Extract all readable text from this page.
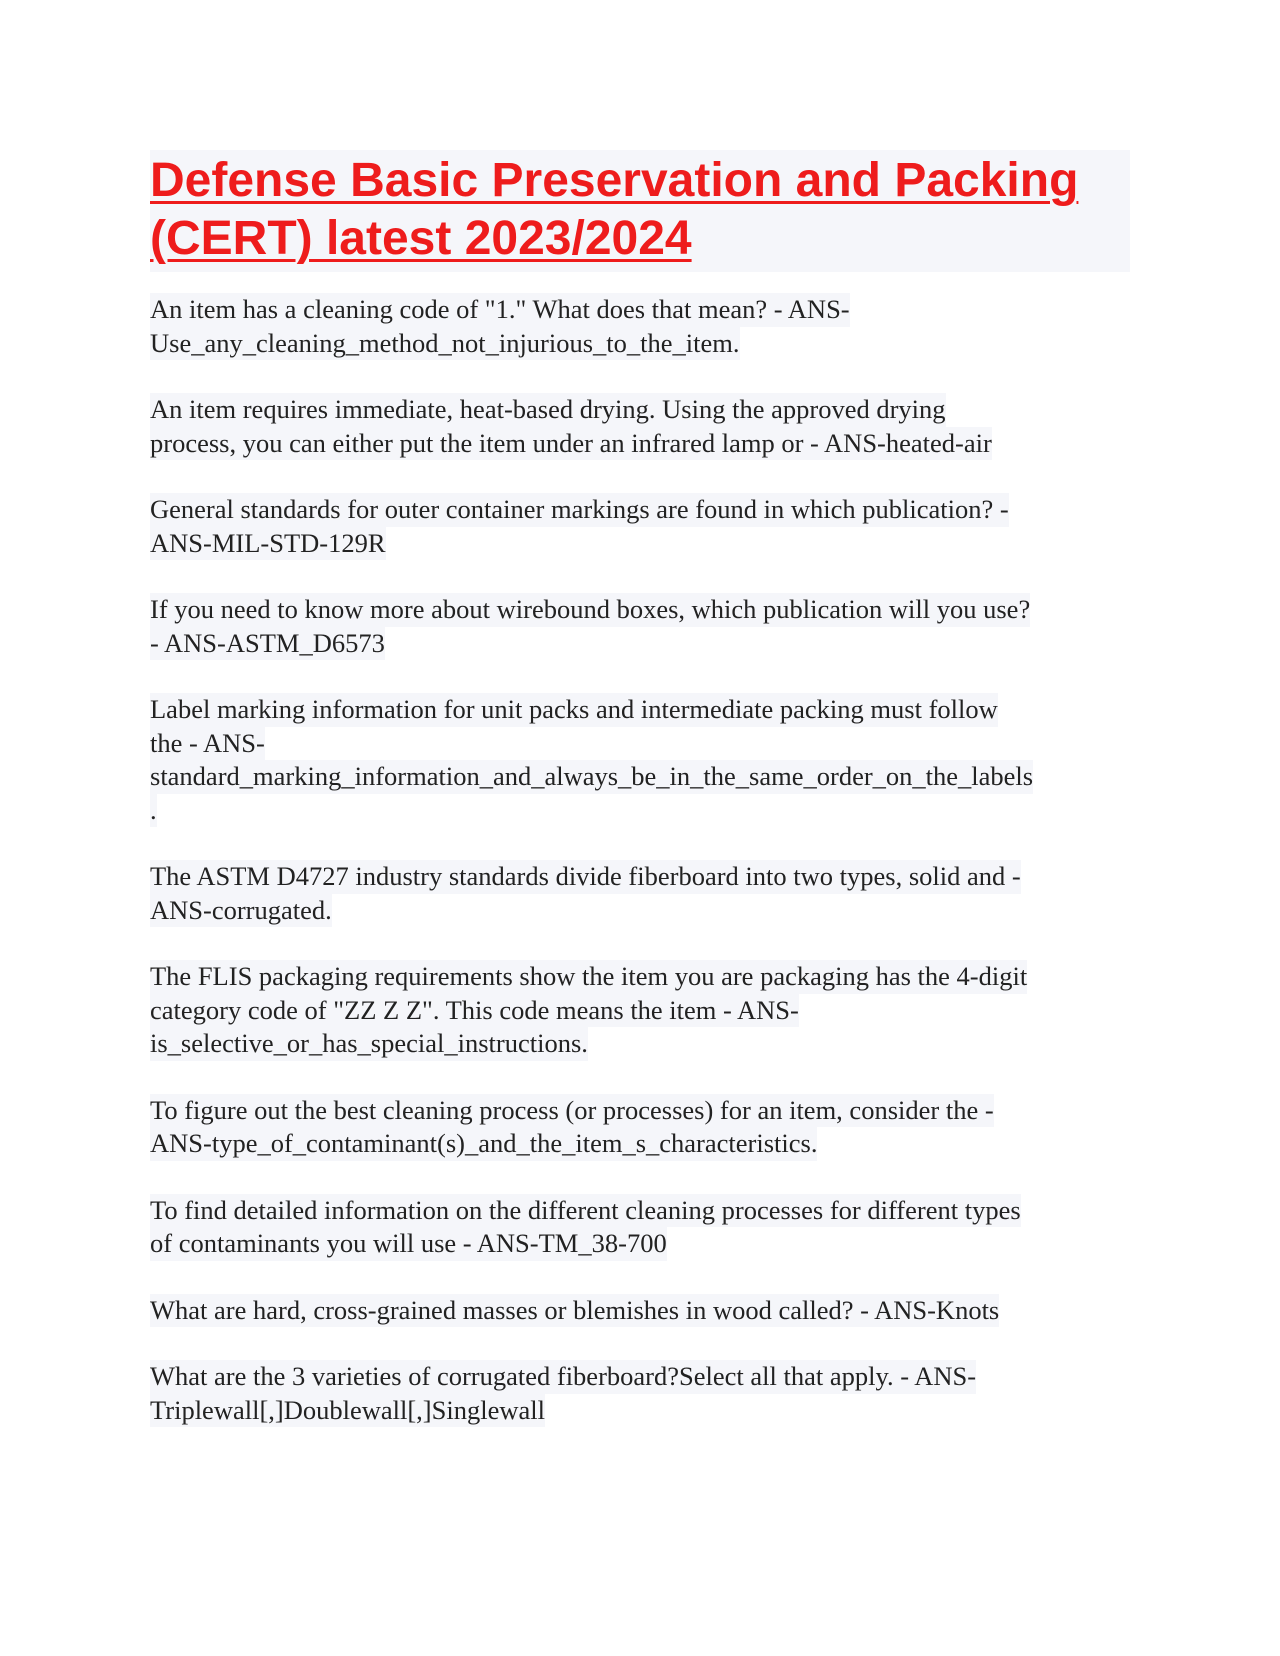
Defense Basic Preservation and Packing
(CERT) latest 2023/2024
An item has a cleaning code of "1." What does that mean? - ANS-
Use_any_cleaning_method_not_injurious_to_the_item.
An item requires immediate, heat-based drying. Using the approved drying
process, you can either put the item under an infrared lamp or - ANS-heated-air
General standards for outer container markings are found in which publication? -
ANS-MIL-STD-129R
If you need to know more about wirebound boxes, which publication will you use?
- ANS-ASTM_D6573
Label marking information for unit packs and intermediate packing must follow
the - ANS-
standard_marking_information_and_always_be_in_the_same_order_on_the_labels
.
The ASTM D4727 industry standards divide fiberboard into two types, solid and -
ANS-corrugated.
The FLIS packaging requirements show the item you are packaging has the 4-digit
category code of "ZZ Z Z". This code means the item - ANS-
is_selective_or_has_special_instructions.
To figure out the best cleaning process (or processes) for an item, consider the -
ANS-type_of_contaminant(s)_and_the_item_s_characteristics.
To find detailed information on the different cleaning processes for different types
of contaminants you will use - ANS-TM_38-700
What are hard, cross-grained masses or blemishes in wood called? - ANS-Knots
What are the 3 varieties of corrugated fiberboard?Select all that apply. - ANS-
Triplewall[,]Doublewall[,]Singlewall
